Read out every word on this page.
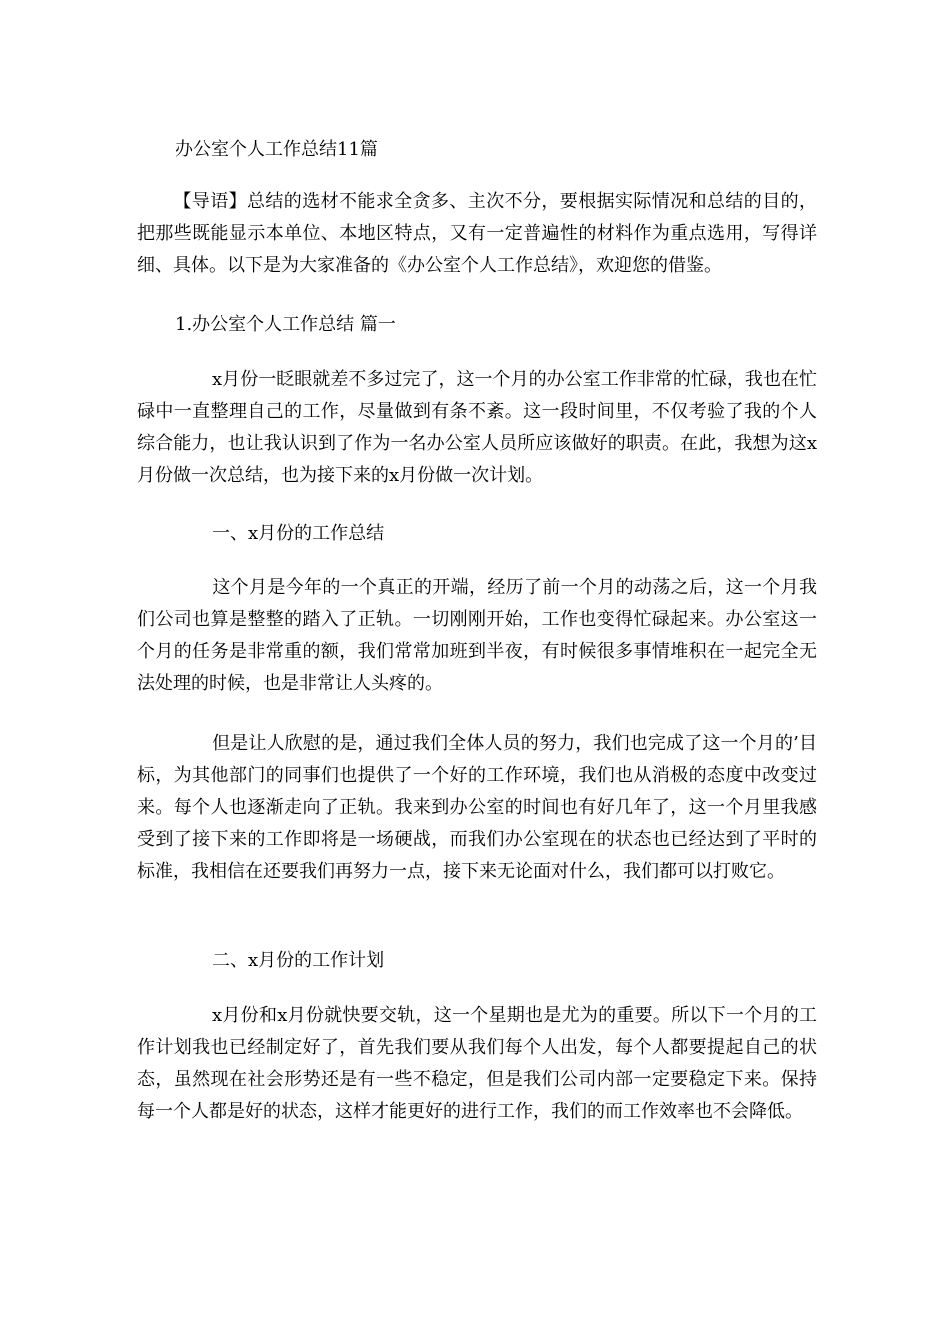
办公室个人工作总结11篇
【导语】总结的选材不能求全贪多、主次不分，要根据实际情况和总结的目的，把那些既能显示本单位、本地区特点，又有一定普遍性的材料作为重点选用，写得详细、具体。以下是为大家准备的《办公室个人工作总结》，欢迎您的借鉴。
1.办公室个人工作总结 篇一
x月份一眨眼就差不多过完了，这一个月的办公室工作非常的忙碌，我也在忙碌中一直整理自己的工作，尽量做到有条不紊。这一段时间里，不仅考验了我的个人综合能力，也让我认识到了作为一名办公室人员所应该做好的职责。在此，我想为这x月份做一次总结，也为接下来的x月份做一次计划。
一、x月份的工作总结
这个月是今年的一个真正的开端，经历了前一个月的动荡之后，这一个月我们公司也算是整整的踏入了正轨。一切刚刚开始，工作也变得忙碌起来。办公室这一个月的任务是非常重的额，我们常常加班到半夜，有时候很多事情堆积在一起完全无法处理的时候，也是非常让人头疼的。
但是让人欣慰的是，通过我们全体人员的努力，我们也完成了这一个月的’目标，为其他部门的同事们也提供了一个好的工作环境，我们也从消极的态度中改变过来。每个人也逐渐走向了正轨。我来到办公室的时间也有好几年了，这一个月里我感受到了接下来的工作即将是一场硬战，而我们办公室现在的状态也已经达到了平时的标准，我相信在还要我们再努力一点，接下来无论面对什么，我们都可以打败它。
二、x月份的工作计划
x月份和x月份就快要交轨，这一个星期也是尤为的重要。所以下一个月的工作计划我也已经制定好了，首先我们要从我们每个人出发，每个人都要提起自己的状态，虽然现在社会形势还是有一些不稳定，但是我们公司内部一定要稳定下来。保持每一个人都是好的状态，这样才能更好的进行工作，我们的而工作效率也不会降低。
